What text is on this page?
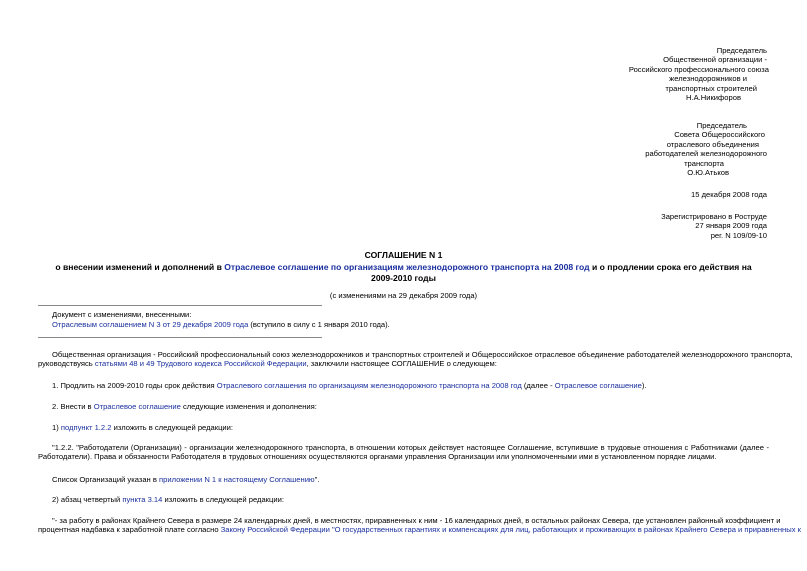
Председатель
Общественной организации -
Российского профессионального союза
железнодорожников и
транспортных строителей
Н.А.Никифоров
Председатель
Совета Общероссийского
отраслевого объединения
работодателей железнодорожного
транспорта
О.Ю.Атьков
15 декабря 2008 года
Зарегистрировано в Роструде
27 января 2009 года
рег. N 109/09-10
СОГЛАШЕНИЕ N 1
о внесении изменений и дополнений в Отраслевое соглашение по организациям железнодорожного транспорта на 2008 год и о продлении срока его действия на
2009-2010 годы
(с изменениями на 29 декабря 2009 года)
Документ с изменениями, внесенными:
Отраслевым соглашением N 3 от 29 декабря 2009 года (вступило в силу с 1 января 2010 года).
Общественная организация - Российский профессиональный союз железнодорожников и транспортных строителей и Общероссийское отраслевое объединение работодателей железнодорожного транспорта,
руководствуясь статьями 48 и 49 Трудового кодекса Российской Федерации, заключили настоящее СОГЛАШЕНИЕ о следующем:
1. Продлить на 2009-2010 годы срок действия Отраслевого соглашения по организациям железнодорожного транспорта на 2008 год (далее - Отраслевое соглашение).
2. Внести в Отраслевое соглашение следующие изменения и дополнения:
1) подпункт 1.2.2 изложить в следующей редакции:
"1.2.2. "Работодатели (Организации) - организации железнодорожного транспорта, в отношении которых действует настоящее Соглашение, вступившие в трудовые отношения с Работниками (далее -
Работодатели). Права и обязанности Работодателя в трудовых отношениях осуществляются органами управления Организации или уполномоченными ими в установленном порядке лицами.
Список Организаций указан в приложении N 1 к настоящему Соглашению".
2) абзац четвертый пункта 3.14 изложить в следующей редакции:
"- за работу в районах Крайнего Севера в размере 24 календарных дней, в местностях, приравненных к ним - 16 календарных дней, в остальных районах Севера, где установлен районный коэффициент и
процентная надбавка к заработной плате согласно Закону Российской Федерации "О государственных гарантиях и компенсациях для лиц, работающих и проживающих в районах Крайнего Севера и приравненных к
